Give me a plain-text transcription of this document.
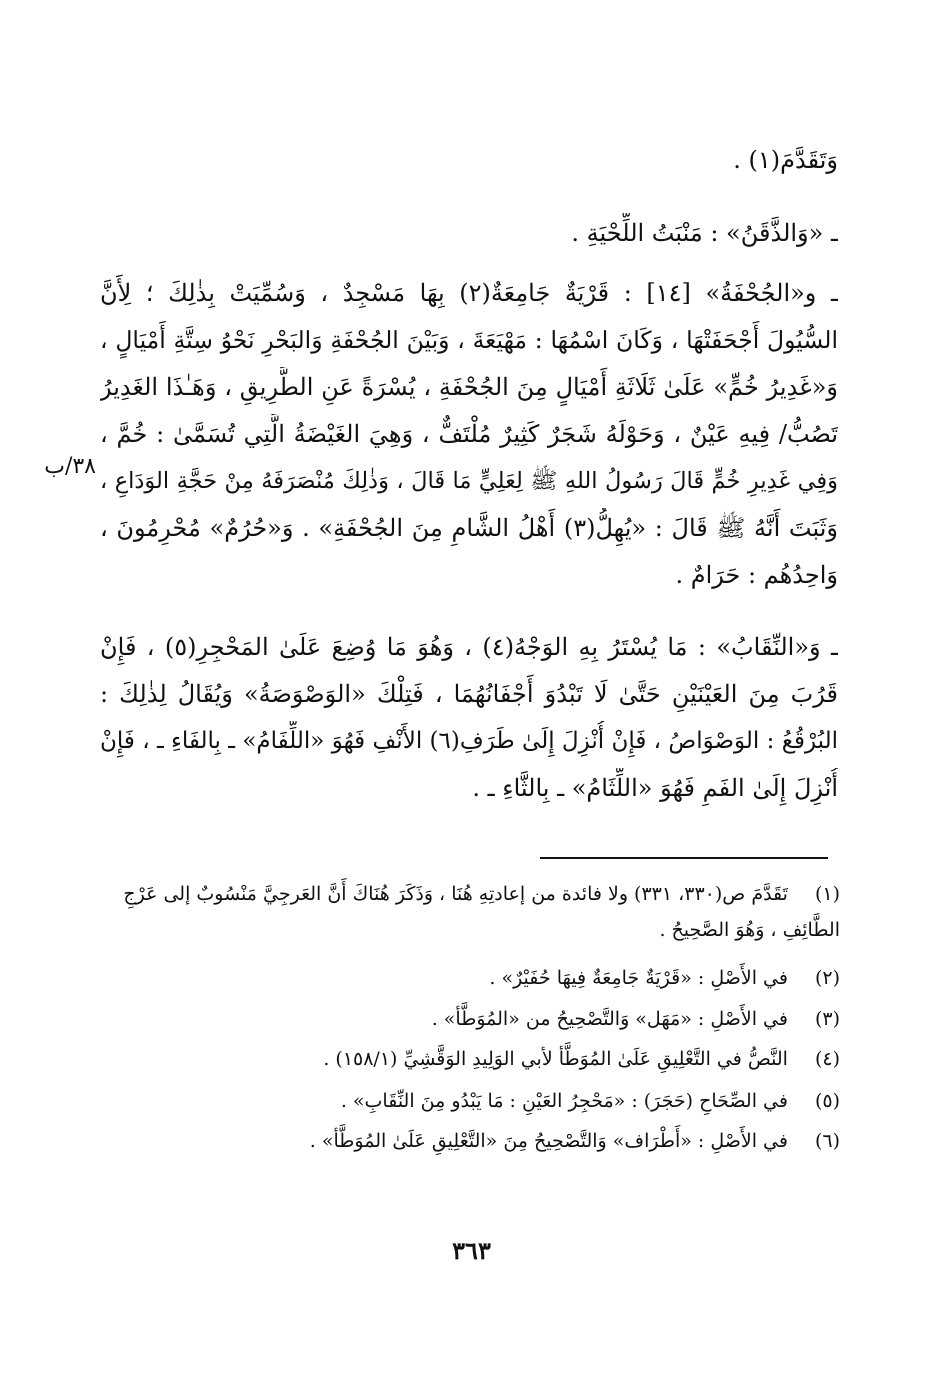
وَتَقَدَّمَ(١) .
ـ «وَالذَّقَنُ» : مَنْبَتُ اللِّحْيَةِ .
ـ و«الجُحْفَةُ» [١٤] : قَرْيَةٌ جَامِعَةٌ(٢) بِهَا مَسْجِدٌ ، وَسُمِّيَتْ بِذٰلِكَ ؛ لِأَنَّ
السُّيُولَ أَجْحَفَتْهَا ، وَكَانَ اسْمُهَا : مَهْيَعَةَ ، وَبَيْنَ الجُحْفَةِ وَالبَحْرِ نَحْوُ سِتَّةِ أَمْيَالٍ ،
وَ«غَدِيرُ خُمٍّ» عَلَىٰ ثَلَاثَةِ أَمْيَالٍ مِنَ الجُحْفَةِ ، يُسْرَةً عَنِ الطَّرِيقِ ، وَهَـٰذَا الغَدِيرُ
تَصُبُّ/ فِيهِ عَيْنٌ ، وَحَوْلَهُ شَجَرٌ كَثِيرٌ مُلْتَفٌّ ، وَهِيَ الغَيْضَةُ الَّتِي تُسَمَّىٰ : خُمَّ ،
وَفِي غَدِيرِ خُمٍّ قَالَ رَسُولُ اللهِ ﷺ لِعَلِيٍّ مَا قَالَ ، وَذٰلِكَ مُنْصَرَفَهُ مِنْ حَجَّةِ الوَدَاعِ ،
وَثَبَتَ أَنَّهُ ﷺ قَالَ : «يُهِلُّ(٣) أَهْلُ الشَّامِ مِنَ الجُحْفَةِ» . وَ«حُرُمٌ» مُحْرِمُونَ ،
وَاحِدُهُم : حَرَامٌ .
ـ وَ«النِّقَابُ» : مَا يُسْتَرُ بِهِ الوَجْهُ(٤) ، وَهُوَ مَا وُضِعَ عَلَىٰ المَحْجِرِ(٥) ، فَإِنْ
قَرُبَ مِنَ العَيْنَيْنِ حَتَّىٰ لَا تَبْدُوَ أَجْفَانُهُمَا ، فَتِلْكَ «الوَصْوَصَةُ» وَيُقَالُ لِذٰلِكَ :
البُرْقُعُ : الوَصْوَاصُ ، فَإِنْ أُنْزِلَ إِلَىٰ طَرَفِ(٦) الأَنْفِ فَهُوَ «اللِّفَامُ» ـ بِالفَاءِ ـ ، فَإِنْ
أُنْزِلَ إِلَىٰ الفَمِ فَهُوَ «اللِّثَامُ» ـ بِالثَّاءِ ـ .
٣٨/ب
(١) تَقَدَّمَ ص(٣٣٠، ٣٣١) ولا فائدة من إعادتِهِ هُنَا ، وَذَكَرَ هُنَاكَ أَنَّ العَرجِيَّ مَنْسُوبٌ إلى عَرْجِ الطَّائِفِ ، وَهُوَ الصَّحِيحُ .
(٢) في الأَصْلِ : «قَرْيَةٌ جَامِعَةٌ فِيهَا حُفَيْرٌ» .
(٣) في الأَصْلِ : «مَهَل» وَالتَّصْحِيحُ من «المُوَطَّأ» .
(٤) النَّصُّ في التَّعْلِيقِ عَلَىٰ المُوَطَّأ لأبي الوَلِيدِ الوَقَّشِيِّ (١٥٨/١) .
(٥) في الصِّحَاحِ (حَجَرَ) : «مَحْجِرُ العَيْنِ : مَا يَبْدُو مِنَ النِّقَابِ» .
(٦) في الأَصْلِ : «أَطْرَاف» وَالتَّصْحِيحُ مِنَ «التَّعْلِيقِ عَلَىٰ المُوَطَّأ» .
٣٦٣
